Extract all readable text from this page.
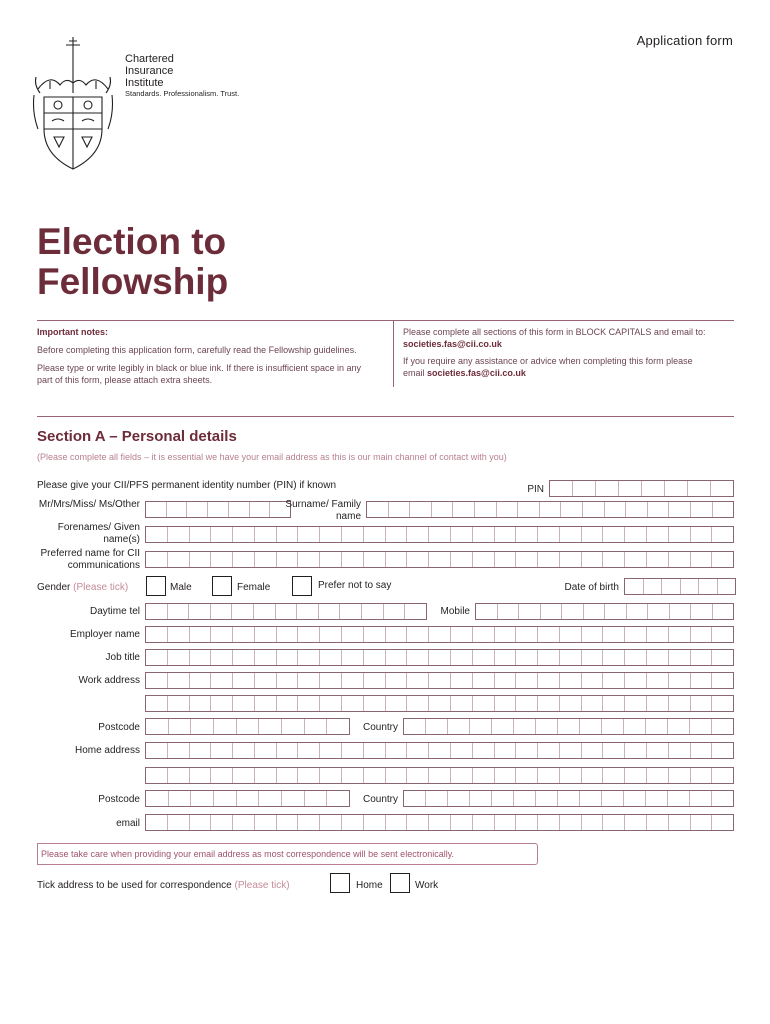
Application form
Chartered Insurance Institute
Standards. Professionalism. Trust.
Election to
Fellowship
Important notes:
Before completing this application form, carefully read the Fellowship guidelines.
Please type or write legibly in black or blue ink. If there is insufficient space in any part of this form, please attach extra sheets.
Please complete all sections of this form in BLOCK CAPITALS and email to: societies.fas@cii.co.uk
If you require any assistance or advice when completing this form please email societies.fas@cii.co.uk
Section A – Personal details
(Please complete all fields – it is essential we have your email address as this is our main channel of contact with you)
Please give your CII/PFS permanent identity number (PIN) if known	PIN
Mr/Mrs/Miss/ Ms/Other	Surname/ Family name
Forenames/ Given name(s)
Preferred name for CII communications
Gender (Please tick)	Male	Female	Prefer not to say	Date of birth
Daytime tel	Mobile
Employer name
Job title
Work address
Postcode	Country
Home address
Postcode	Country
email
Please take care when providing your email address as most correspondence will be sent electronically.
Tick address to be used for correspondence (Please tick)	Home	Work
